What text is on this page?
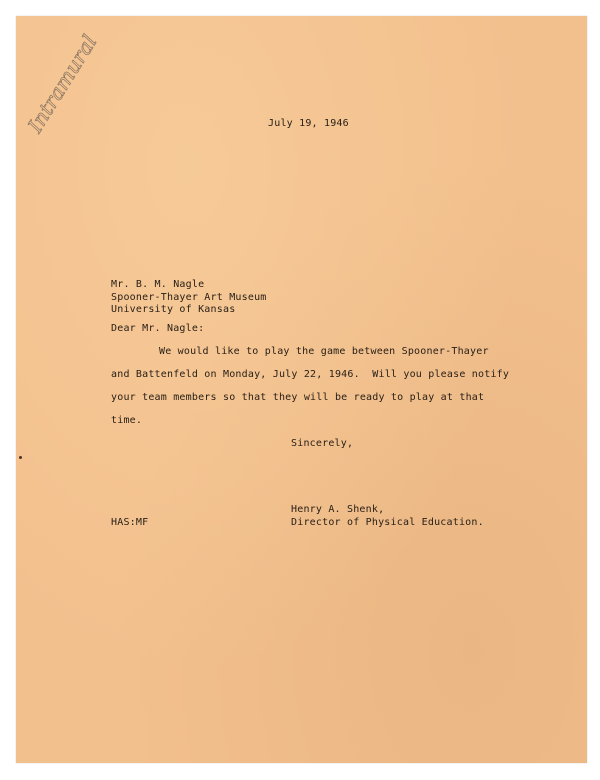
Intramural	July 19, 1946
Mr. B. M. Nagle
Spooner-Thayer Art Museum
University of Kansas
Dear Mr. Nagle:
We would like to play the game between Spooner-Thayer
and Battenfeld on Monday, July 22, 1946.  Will you please notify
your team members so that they will be ready to play at that
time.
Sincerely,
Henry A. Shenk,
Director of Physical Education.
HAS:MF
